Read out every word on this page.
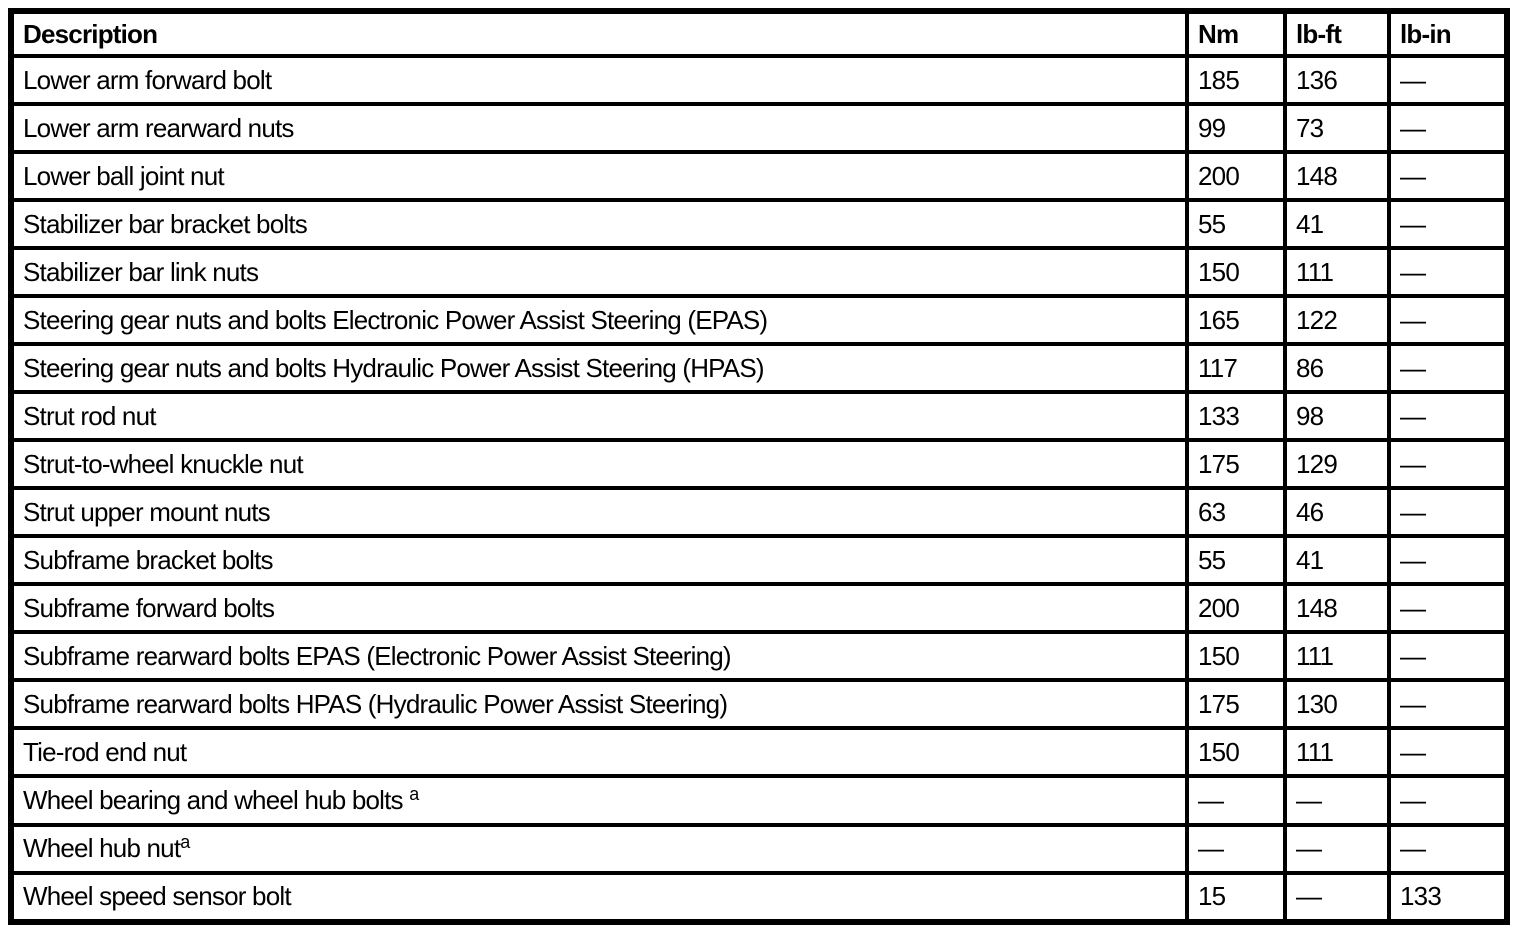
Description	Nm	lb-ft	lb-in
Lower arm forward bolt	185	136	—
Lower arm rearward nuts	99	73	—
Lower ball joint nut	200	148	—
Stabilizer bar bracket bolts	55	41	—
Stabilizer bar link nuts	150	111	—
Steering gear nuts and bolts Electronic Power Assist Steering (EPAS)	165	122	—
Steering gear nuts and bolts Hydraulic Power Assist Steering (HPAS)	117	86	—
Strut rod nut	133	98	—
Strut-to-wheel knuckle nut	175	129	—
Strut upper mount nuts	63	46	—
Subframe bracket bolts	55	41	—
Subframe forward bolts	200	148	—
Subframe rearward bolts EPAS (Electronic Power Assist Steering)	150	111	—
Subframe rearward bolts HPAS (Hydraulic Power Assist Steering)	175	130	—
Tie-rod end nut	150	111	—
Wheel bearing and wheel hub bolts $^a$	—	—	—
Wheel hub nut$^a$	—	—	—
Wheel speed sensor bolt	15	—	133
